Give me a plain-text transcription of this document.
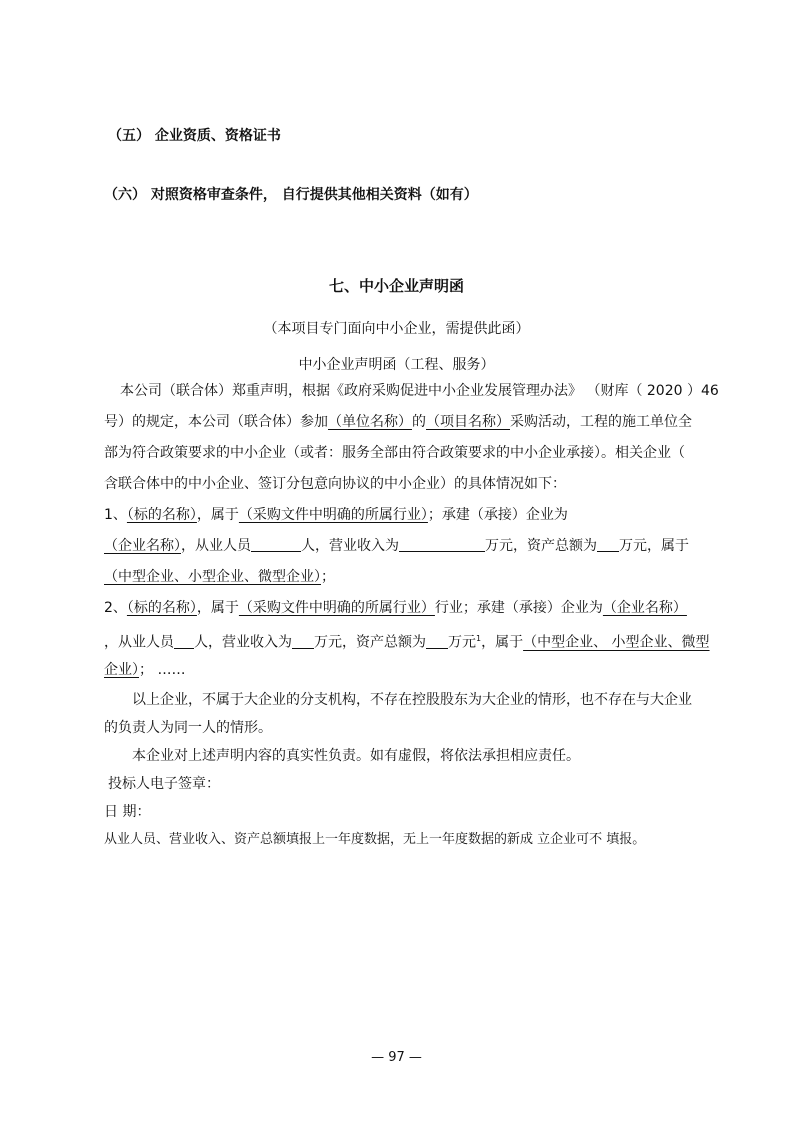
（五） 企业资质、资格证书
（六） 对照资格审查条件， 自行提供其他相关资料（如有）
七、中小企业声明函
（本项目专门面向中小企业，需提供此函）
中小企业声明函（工程、服务）
本公司（联合体）郑重声明，根据《政府采购促进中小企业发展管理办法》 （财库（ 2020 ）46
号）的规定，本公司（联合体）参加（单位名称）的（项目名称）采购活动，工程的施工单位全
部为符合政策要求的中小企业（或者：服务全部由符合政策要求的中小企业承接）。相关企业（
含联合体中的中小企业、签订分包意向协议的中小企业）的具体情况如下：
1、（标的名称），属于（采购文件中明确的所属行业）；承建（承接）企业为
（企业名称），从业人员	人，营业收入为	万元，资产总额为 万元，属于
（中型企业、小型企业、微型企业）；
2、（标的名称），属于（采购文件中明确的所属行业）行业；承建（承接）企业为（企业名称）
，从业人员 人，营业收入为 万元，资产总额为 万元$^1$，属于（中型企业、 小型企业、微型
企业）； ……
以上企业，不属于大企业的分支机构，不存在控股股东为大企业的情形，也不存在与大企业
的负责人为同一人的情形。
本企业对上述声明内容的真实性负责。如有虚假，将依法承担相应责任。
投标人电子签章：
日 期：
从业人员、营业收入、资产总额填报上一年度数据，无上一年度数据的新成 立企业可不 填报。
— 97 —
